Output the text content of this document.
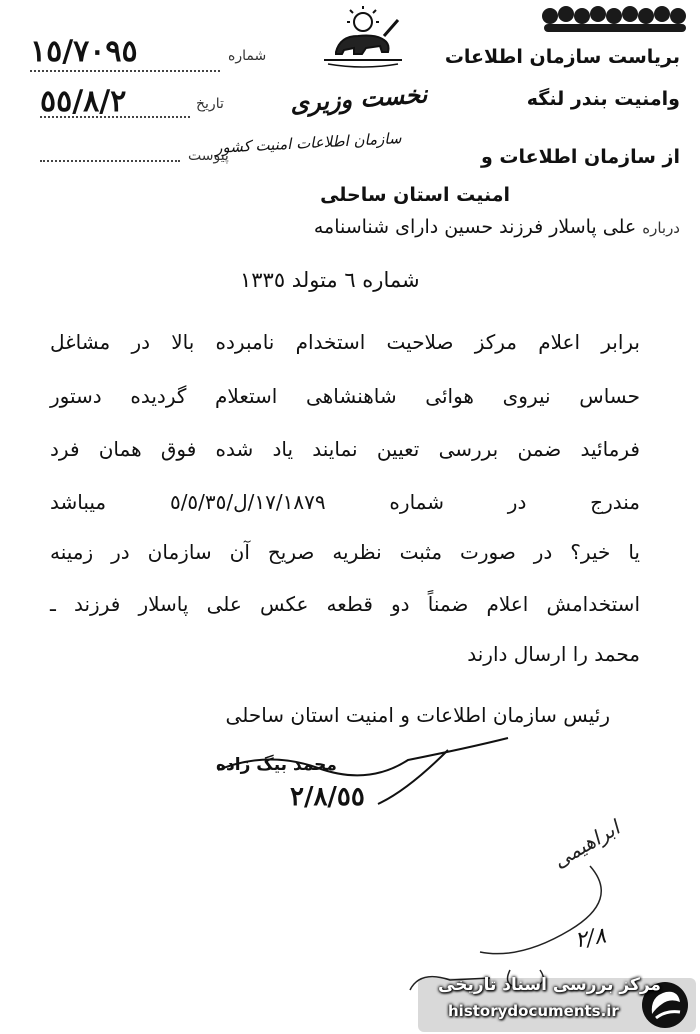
بریاست سازمان اطلاعات
وامنیت بندر لنگه
از سازمان اطلاعات و
امنیت استان ساحلی
شماره
١٥/٧٠٩٥
تاریخ
٥٥/٨/٢
پیوست
نخست وزیری
سازمان اطلاعات امنیت کشور
درباره
علی پاسلار فرزند حسین دارای شناسنامه
شماره ٦ متولد ١٣٣٥
برابر اعلام مرکز صلاحیت استخدام نامبرده بالا در مشاغل
حساس نیروی هوائی شاهنشاهی استعلام گردیده دستور
فرمائید ضمن بررسی تعیین نمایند یاد شده فوق همان فرد
مندرج در شماره ١٧/١٨٧٩/ل/٥/٥/٣٥ میباشد
یا خیر؟ در صورت مثبت نظریه صریح آن سازمان در زمینه
استخدامش اعلام ضمناً دو قطعه عکس علی پاسلار فرزند ـ
محمد را ارسال دارند
رئیس سازمان اطلاعات و امنیت استان ساحلی
محمد بیگ زاده
٢/٨/٥٥
ابراهیمی
٢/٨
مرکز بررسی اسناد تاریخی
historydocuments.ir
